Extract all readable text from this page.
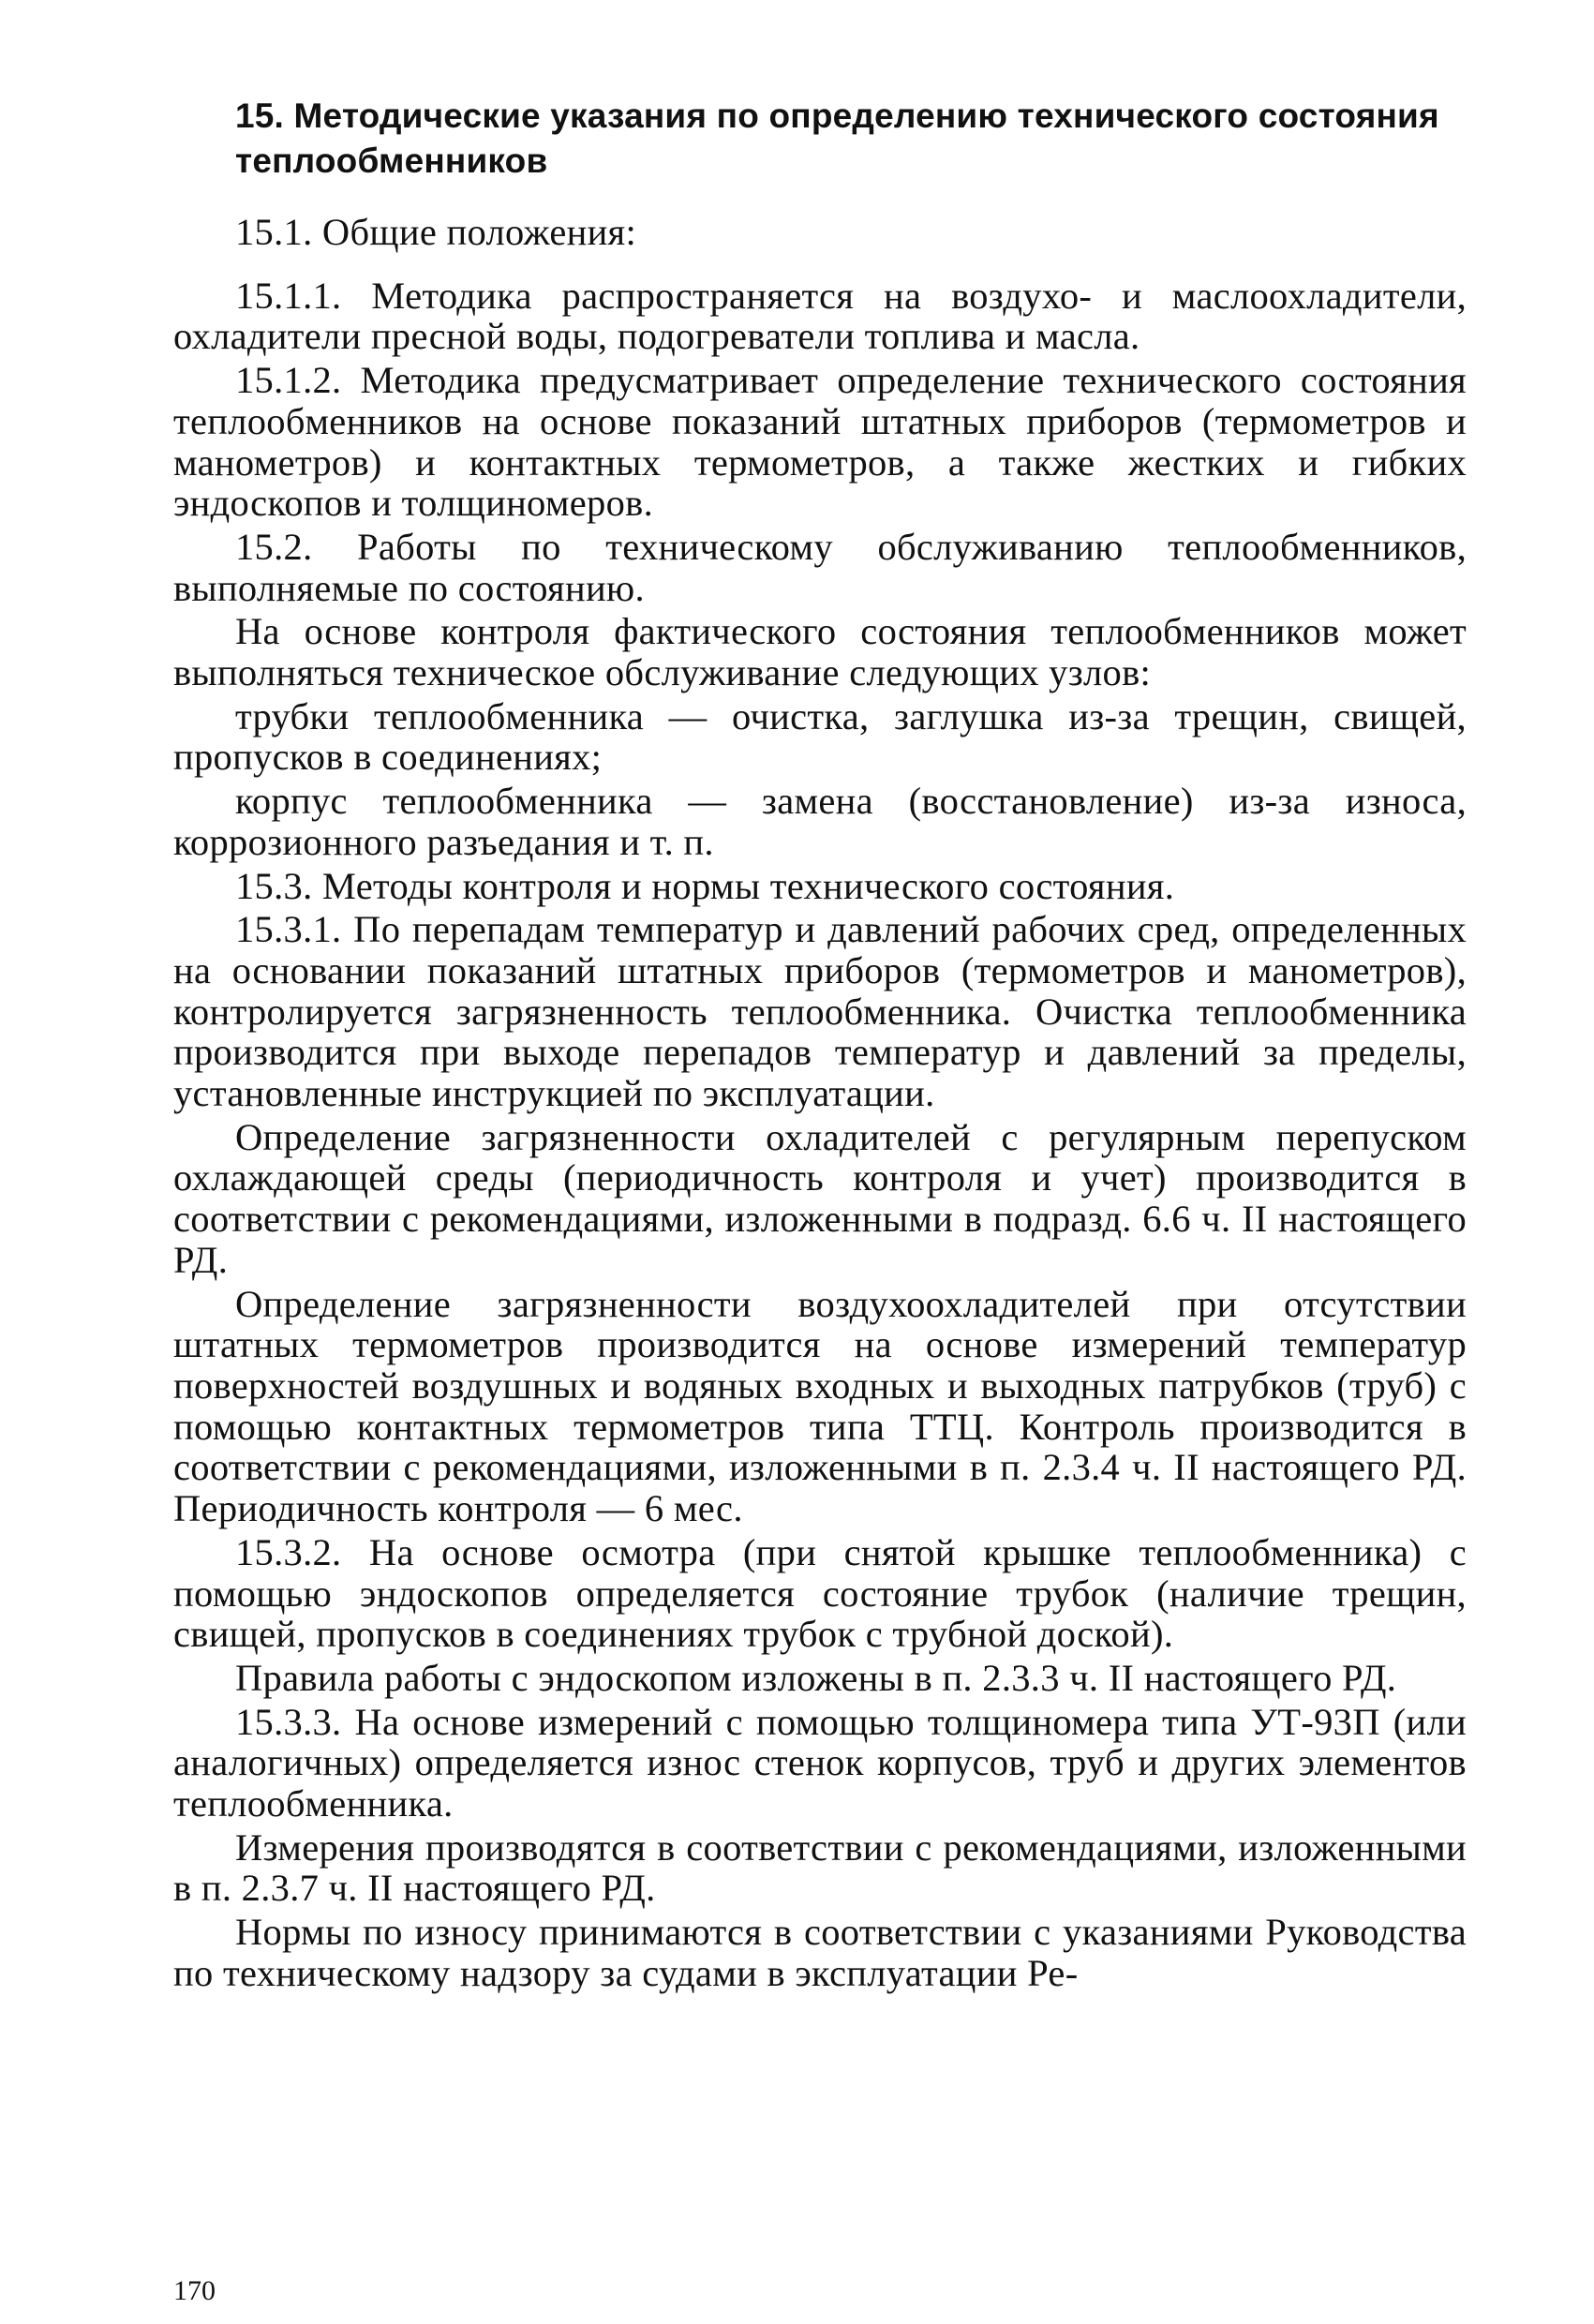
15. Методические указания по определению технического состояния теплообменников

15.1. Общие положения:

15.1.1. Методика распространяется на воздухо- и маслоохладители, охладители пресной воды, подогреватели топлива и масла.

15.1.2. Методика предусматривает определение технического состояния теплообменников на основе показаний штатных приборов (термометров и манометров) и контактных термометров, а также жестких и гибких эндоскопов и толщиномеров.

15.2. Работы по техническому обслуживанию теплообменников, выполняемые по состоянию.

На основе контроля фактического состояния теплообменников может выполняться техническое обслуживание следующих узлов:

трубки теплообменника — очистка, заглушка из-за трещин, свищей, пропусков в соединениях;

корпус теплообменника — замена (восстановление) из-за износа, коррозионного разъедания и т. п.

15.3. Методы контроля и нормы технического состояния.

15.3.1. По перепадам температур и давлений рабочих сред, определенных на основании показаний штатных приборов (термометров и манометров), контролируется загрязненность теплообменника. Очистка теплообменника производится при выходе перепадов температур и давлений за пределы, установленные инструкцией по эксплуатации.

Определение загрязненности охладителей с регулярным перепуском охлаждающей среды (периодичность контроля и учет) производится в соответствии с рекомендациями, изложенными в подразд. 6.6 ч. II настоящего РД.

Определение загрязненности воздухоохладителей при отсутствии штатных термометров производится на основе измерений температур поверхностей воздушных и водяных входных и выходных патрубков (труб) с помощью контактных термометров типа ТТЦ. Контроль производится в соответствии с рекомендациями, изложенными в п. 2.3.4 ч. II настоящего РД. Периодичность контроля — 6 мес.

15.3.2. На основе осмотра (при снятой крышке теплообменника) с помощью эндоскопов определяется состояние трубок (наличие трещин, свищей, пропусков в соединениях трубок с трубной доской).

Правила работы с эндоскопом изложены в п. 2.3.3 ч. II настоящего РД.

15.3.3. На основе измерений с помощью толщиномера типа УТ-93П (или аналогичных) определяется износ стенок корпусов, труб и других элементов теплообменника.

Измерения производятся в соответствии с рекомендациями, изложенными в п. 2.3.7 ч. II настоящего РД.

Нормы по износу принимаются в соответствии с указаниями Руководства по техническому надзору за судами в эксплуатации Ре-

170
